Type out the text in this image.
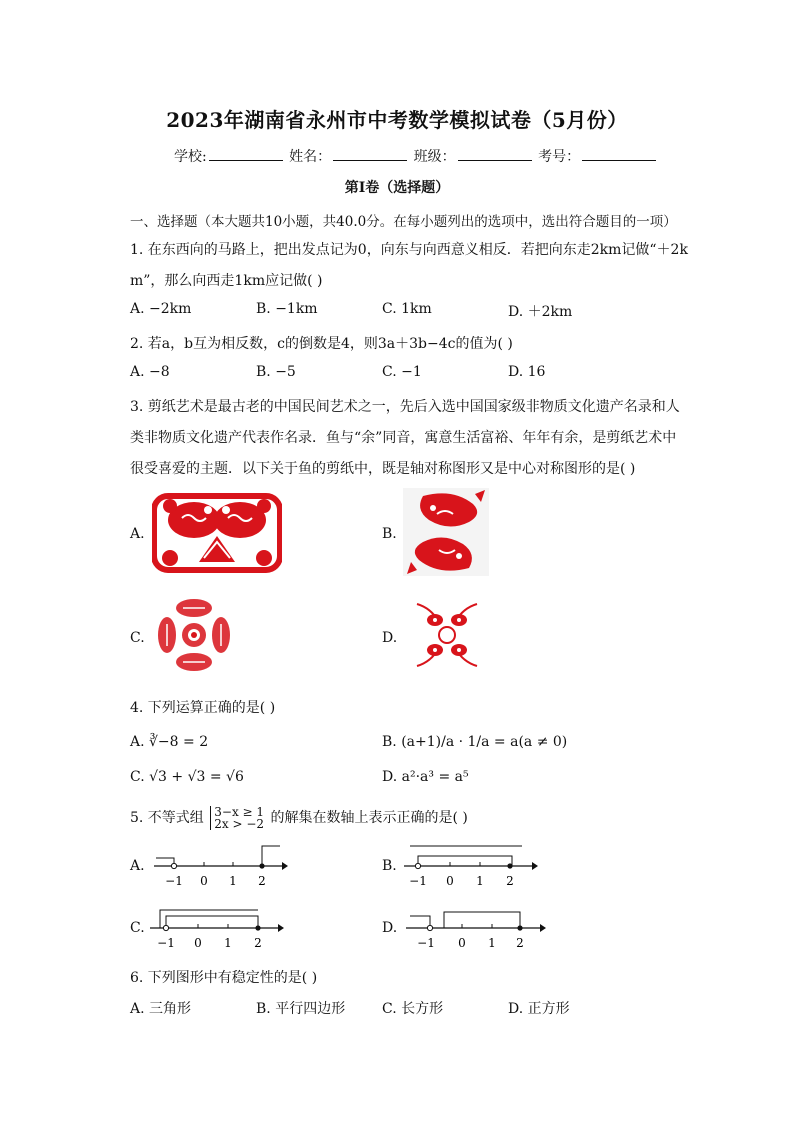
2023年湖南省永州市中考数学模拟试卷（5月份）
学校:	姓名：	班级：	考号：
第Ⅰ卷（选择题）
一、选择题（本大题共10小题，共40.0分。在每小题列出的选项中，选出符合题目的一项）
1. 在东西向的马路上，把出发点记为0，向东与向西意义相反．若把向东走2km记做“＋2k
m”，那么向西走1km应记做( )
A. −2km	B. −1km	C. 1km	D. ＋2km
2. 若a，b互为相反数，c的倒数是4，则3a＋3b−4c的值为( )
A. −8	B. −5	C. −1	D. 16
3. 剪纸艺术是最古老的中国民间艺术之一，先后入选中国国家级非物质文化遗产名录和人
类非物质文化遗产代表作名录．鱼与“余”同音，寓意生活富裕、年年有余，是剪纸艺术中
很受喜爱的主题．以下关于鱼的剪纸中，既是轴对称图形又是中心对称图形的是( )
A.	B.
C.	D.
4. 下列运算正确的是( )
A. ∛−8 = 2	B. (a+1)/a · 1/a = a(a ≠ 0)
C. √3 + √3 = √6	D. a²·a³ = a⁵
5. 不等式组 3−x ≥ 1
2x > −2 的解集在数轴上表示正确的是( )
A.	B.
C.	D.
−1 0 1 2	−1 0 1 2
−1 0 1 2	−1 0 1 2
6. 下列图形中有稳定性的是( )
A. 三角形	B. 平行四边形	C. 长方形	D. 正方形
